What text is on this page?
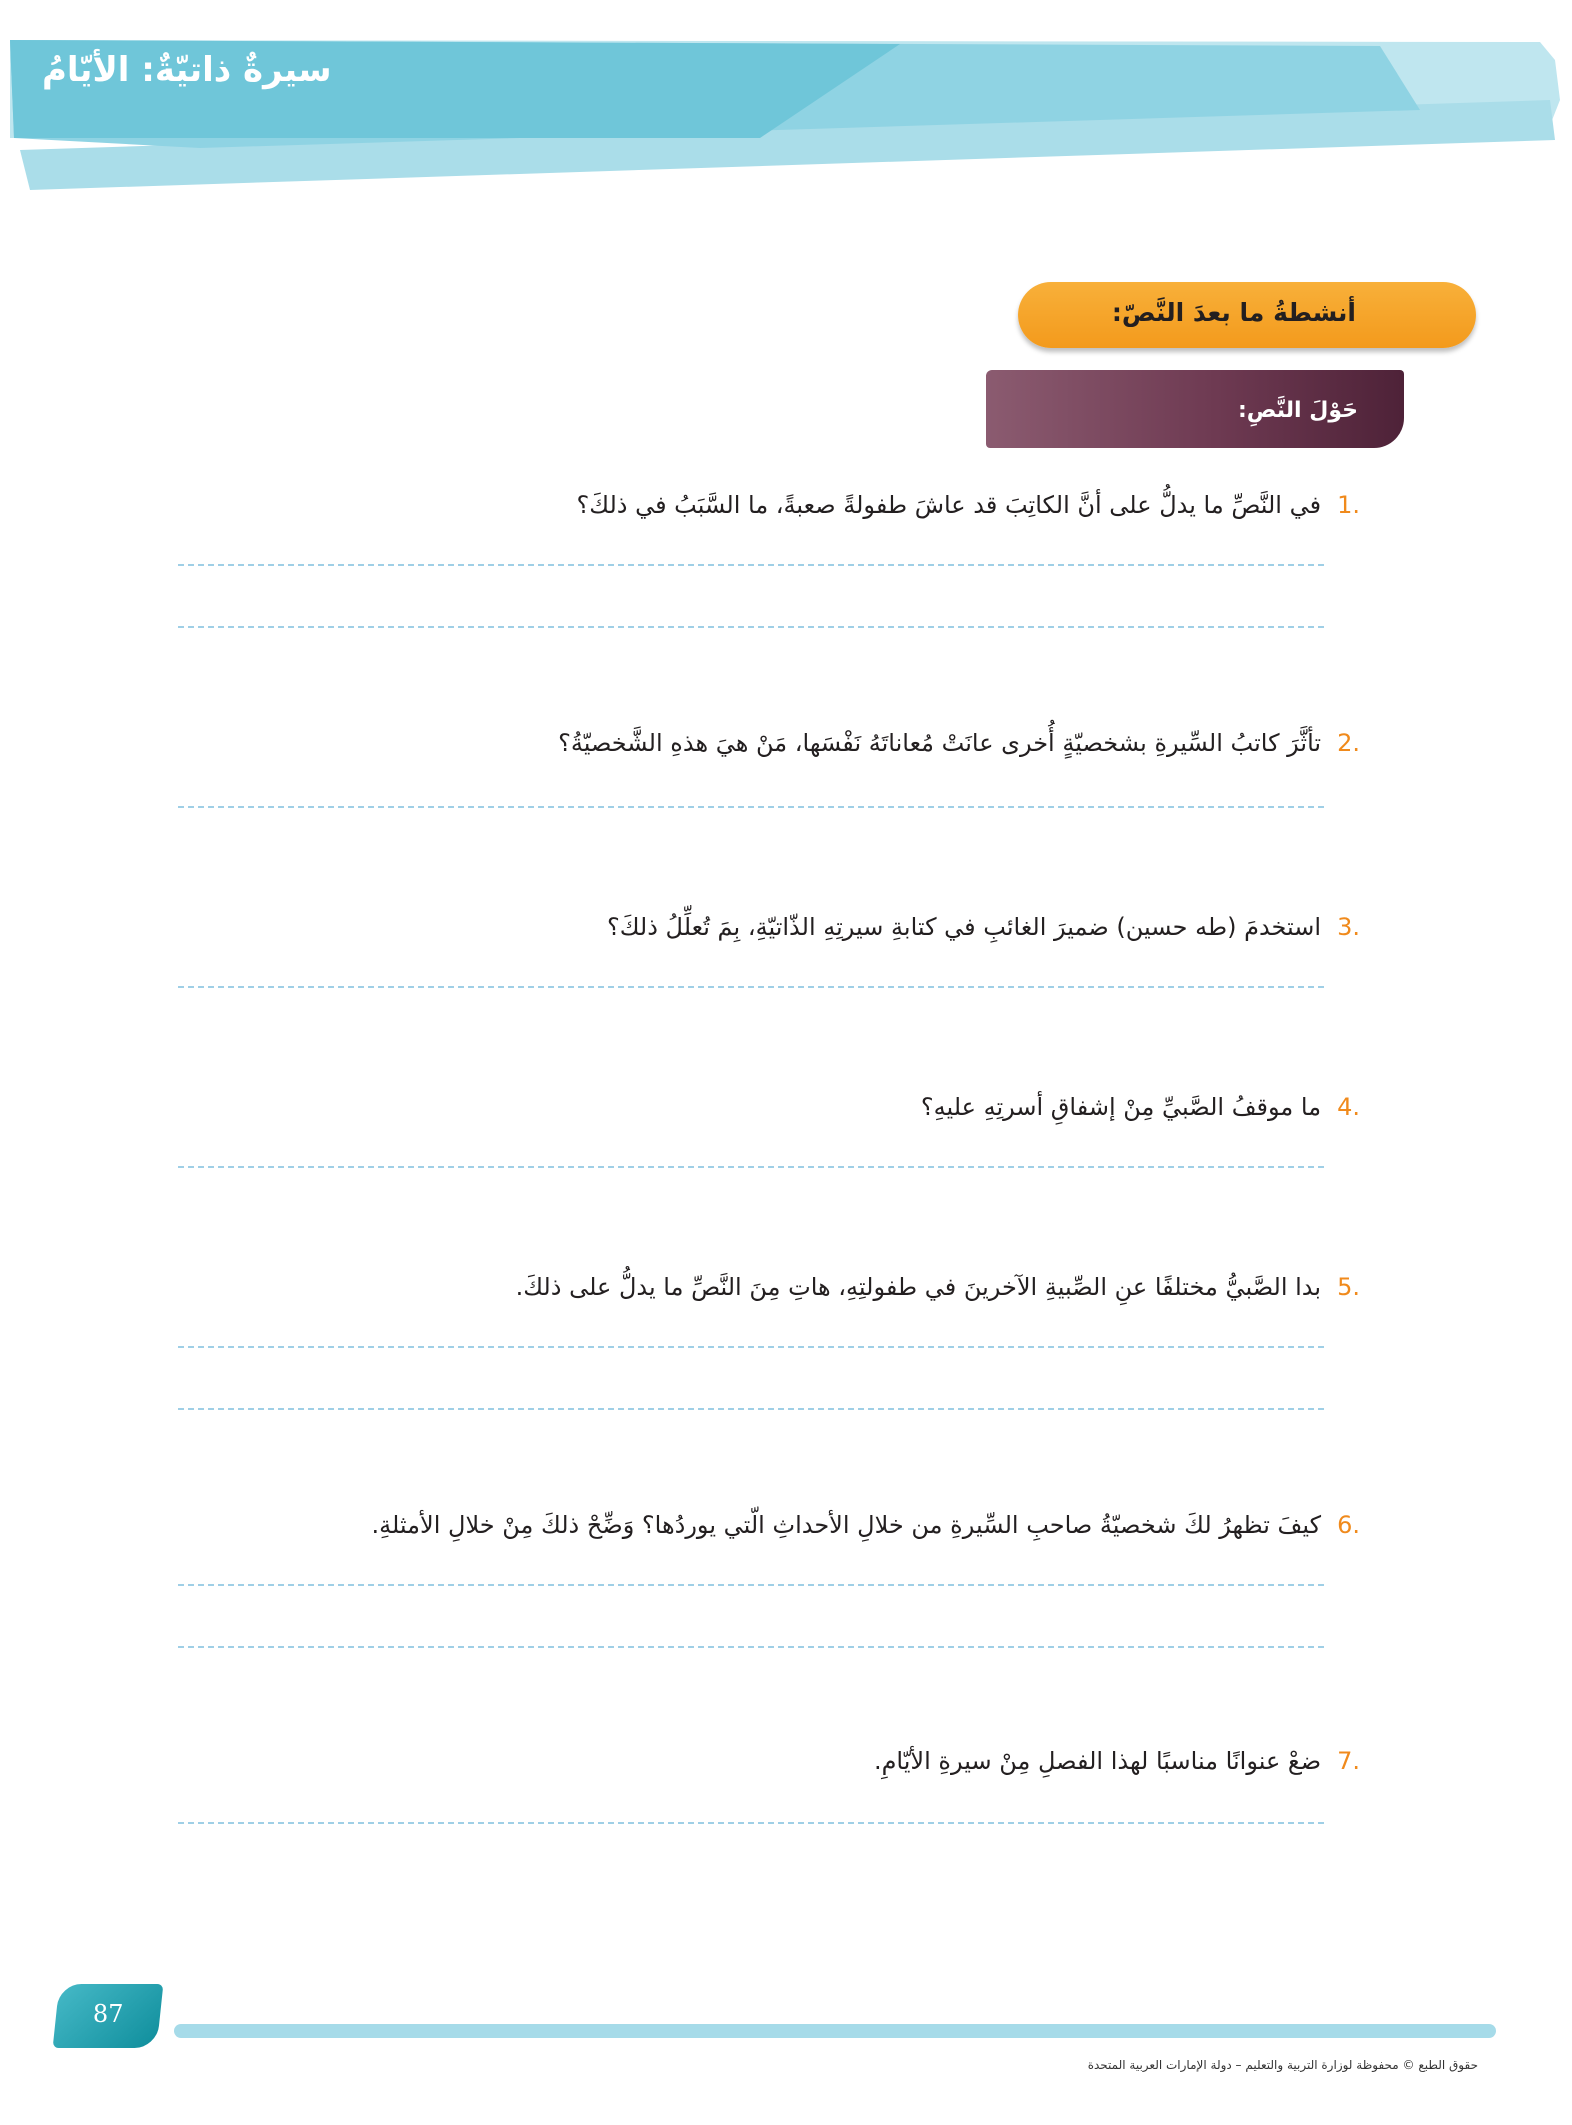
سيرةٌ ذاتيّةٌ: الأيّامُ
أنشطةُ ما بعدَ النَّصّ:
حَوْلَ النَّصِ:
.1في النَّصِّ ما يدلُّ على أنَّ الكاتِبَ قد عاشَ طفولةً صعبةً، ما السَّبَبُ في ذلكَ؟
.2تأثَّرَ كاتبُ السِّيرةِ بشخصيّةٍ أُخرى عانَتْ مُعاناتَهُ نَفْسَها، مَنْ هيَ هذهِ الشَّخصيّةُ؟
.3استخدمَ (طه حسين) ضميرَ الغائبِ في كتابةِ سيرتِهِ الذّاتيّةِ، بِمَ تُعلِّلُ ذلكَ؟
.4ما موقفُ الصَّبيِّ مِنْ إشفاقِ أسرتِهِ عليهِ؟
.5بدا الصَّبيُّ مختلفًا عنِ الصِّبيةِ الآخرينَ في طفولتِهِ، هاتِ مِنَ النَّصِّ ما يدلُّ على ذلكَ.
.6كيفَ تظهرُ لكَ شخصيّةُ صاحبِ السِّيرةِ من خلالِ الأحداثِ الّتي يوردُها؟ وَضِّحْ ذلكَ مِنْ خلالِ الأمثلةِ.
.7ضعْ عنوانًا مناسبًا لهذا الفصلِ مِنْ سيرةِ الأيّامِ.
87
حقوق الطبع © محفوظة لوزارة التربية والتعليم – دولة الإمارات العربية المتحدة
